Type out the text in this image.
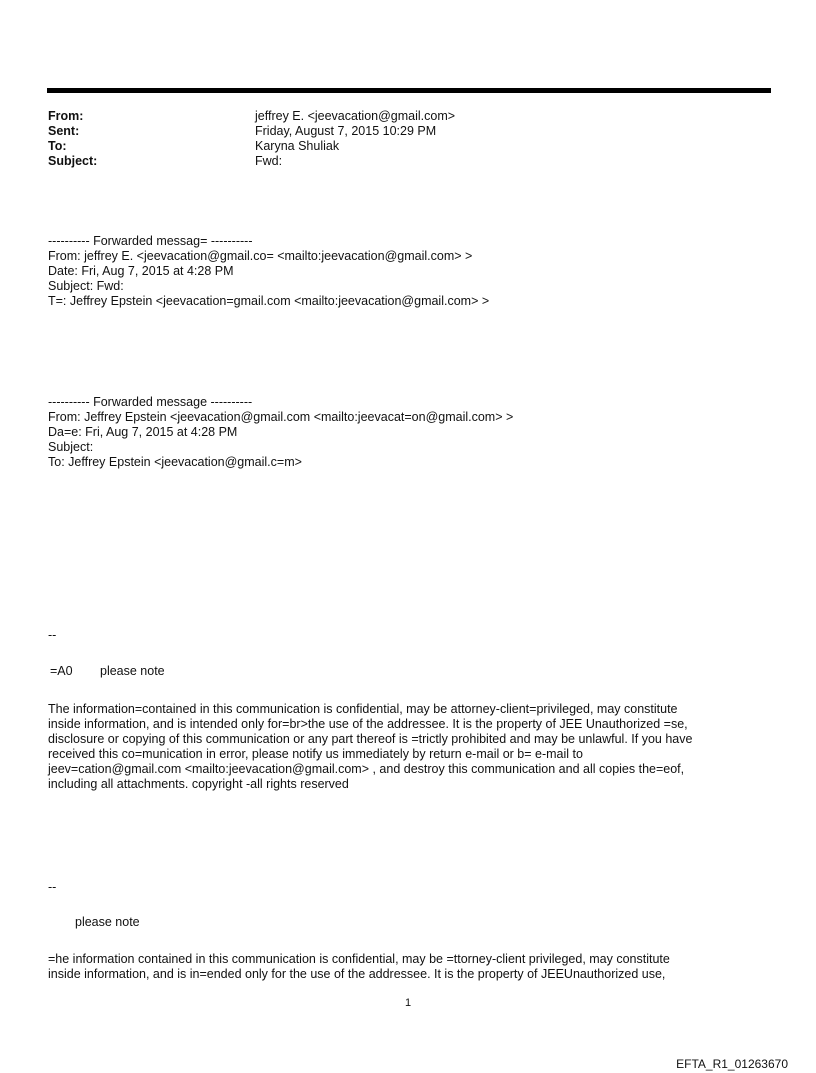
From:	jeffrey E. <jeevacation@gmail.com>
Sent:	Friday, August 7, 2015 10:29 PM
To:	Karyna Shuliak
Subject:	Fwd:
---------- Forwarded messag= ----------
From: jeffrey E. <jeevacation@gmail.co= <mailto:jeevacation@gmail.com> >
Date: Fri, Aug 7, 2015 at 4:28 PM
Subject: Fwd:
T=: Jeffrey Epstein <jeevacation=gmail.com <mailto:jeevacation@gmail.com> >
---------- Forwarded message ----------
From: Jeffrey Epstein <jeevacation@gmail.com <mailto:jeevacat=on@gmail.com> >
Da=e: Fri, Aug 7, 2015 at 4:28 PM
Subject:
To: Jeffrey Epstein <jeevacation@gmail.c=m>
--
=A0 please note
The information=contained in this communication is confidential, may be attorney-client=privileged, may constitute
inside information, and is intended only for=br>the use of the addressee. It is the property of JEE Unauthorized =se,
disclosure or copying of this communication or any part thereof is =trictly prohibited and may be unlawful. If you have
received this co=munication in error, please notify us immediately by return e-mail or b= e-mail to
jeev=cation@gmail.com <mailto:jeevacation@gmail.com> , and destroy this communication and all copies the=eof,
including all attachments. copyright -all rights reserved
--
please note
=he information contained in this communication is confidential, may be =ttorney-client privileged, may constitute
inside information, and is in=ended only for the use of the addressee. It is the property of JEEUnauthorized use,
1
EFTA_R1_01263670
